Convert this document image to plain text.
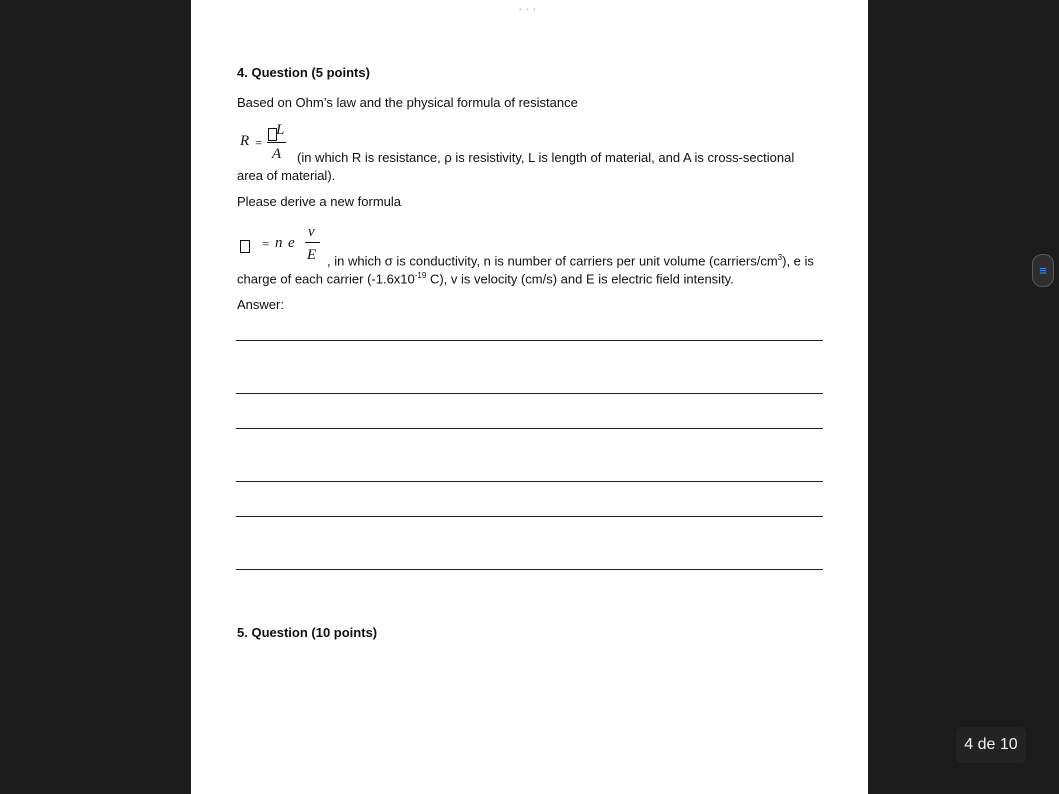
• • •
4. Question (5 points)
Based on Ohm’s law and the physical formula of resistance
R =
L
A (in which R is resistance, ρ is resistivity, L is length of material, and A is cross-sectional
area of material).
Please derive a new formula
= n e
v
E , in which σ is conductivity, n is number of carriers per unit volume $(carriers/cm^3)$, e is
charge of each carrier ($-1.6x10^{-19}$ C), v is velocity (cm/s) and E is electric field intensity.
Answer:
5. Question (10 points)
≡
4 de 10
